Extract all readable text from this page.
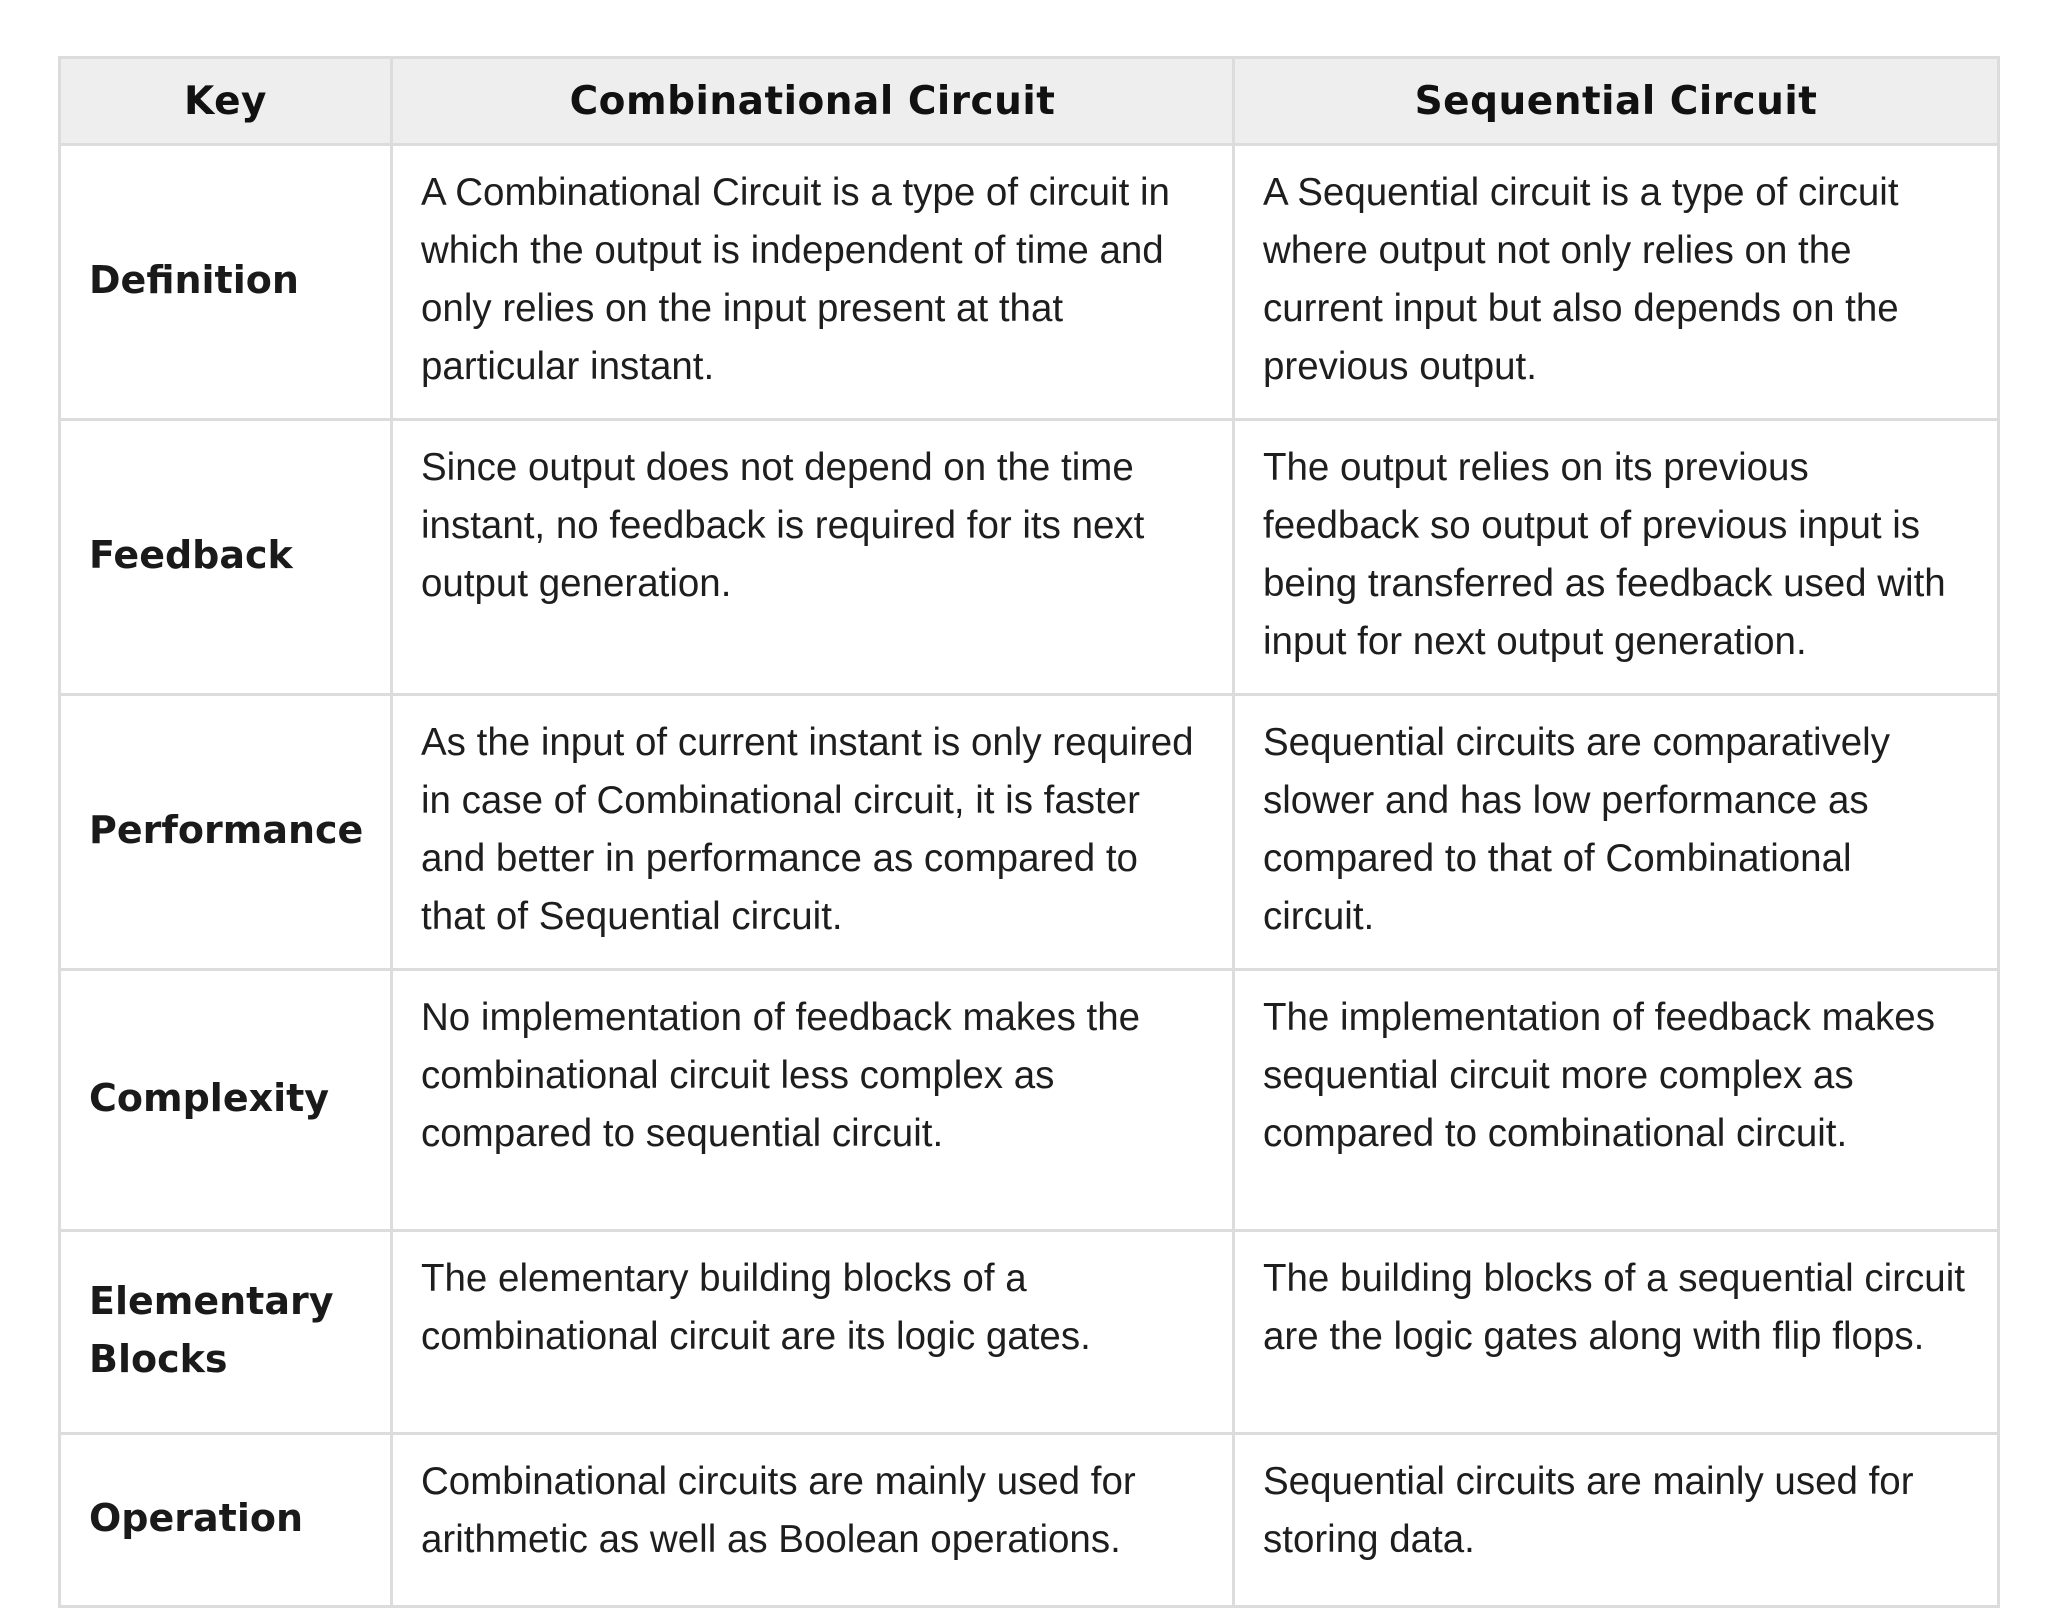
Key	Combinational Circuit	Sequential Circuit
Definition	A Combinational Circuit is a type of circuit in which the output is independent of time and only relies on the input present at that particular instant.	A Sequential circuit is a type of circuit where output not only relies on the current input but also depends on the previous output.
Feedback	Since output does not depend on the time instant, no feedback is required for its next output generation.	The output relies on its previous feedback so output of previous input is being transferred as feedback used with input for next output generation.
Performance	As the input of current instant is only required in case of Combinational circuit, it is faster and better in performance as compared to that of Sequential circuit.	Sequential circuits are comparatively slower and has low performance as compared to that of Combinational circuit.
Complexity	No implementation of feedback makes the combinational circuit less complex as compared to sequential circuit.	The implementation of feedback makes sequential circuit more complex as compared to combinational circuit.
Elementary Blocks	The elementary building blocks of a combinational circuit are its logic gates.	The building blocks of a sequential circuit are the logic gates along with flip flops.
Operation	Combinational circuits are mainly used for arithmetic as well as Boolean operations.	Sequential circuits are mainly used for storing data.
